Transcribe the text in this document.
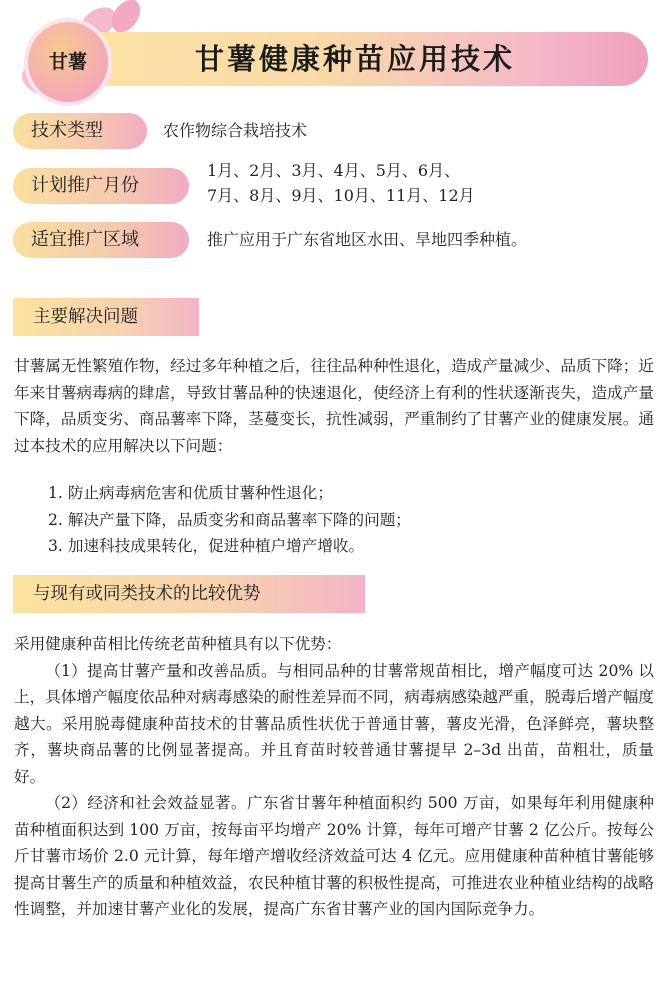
甘薯健康种苗应用技术
甘薯
技术类型	农作物综合栽培技术
计划推广月份
1月、2月、3月、4月、5月、6月、
7月、8月、9月、10月、11月、12月
适宜推广区域	推广应用于广东省地区水田、旱地四季种植。
主要解决问题

甘薯属无性繁殖作物，经过多年种植之后，往往品种种性退化，造成产量减少、品质下降；近年来甘薯病毒病的肆虐，导致甘薯品种的快速退化，使经济上有利的性状逐渐丧失，造成产量下降，品质变劣、商品薯率下降，茎蔓变长，抗性减弱，严重制约了甘薯产业的健康发展。通过本技术的应用解决以下问题：

1. 防止病毒病危害和优质甘薯种性退化；
2. 解决产量下降，品质变劣和商品薯率下降的问题；
3. 加速科技成果转化，促进种植户增产增收。
与现有或同类技术的比较优势

采用健康种苗相比传统老苗种植具有以下优势：

（1）提高甘薯产量和改善品质。与相同品种的甘薯常规苗相比，增产幅度可达 20% 以上，具体增产幅度依品种对病毒感染的耐性差异而不同，病毒病感染越严重，脱毒后增产幅度越大。采用脱毒健康种苗技术的甘薯品质性状优于普通甘薯，薯皮光滑，色泽鲜亮，薯块整齐，薯块商品薯的比例显著提高。并且育苗时较普通甘薯提早 2–3d 出苗，苗粗壮，质量好。

（2）经济和社会效益显著。广东省甘薯年种植面积约 500 万亩，如果每年利用健康种苗种植面积达到 100 万亩，按每亩平均增产 20% 计算，每年可增产甘薯 2 亿公斤。按每公斤甘薯市场价 2.0 元计算，每年增产增收经济效益可达 4 亿元。应用健康种苗种植甘薯能够提高甘薯生产的质量和种植效益，农民种植甘薯的积极性提高，可推进农业种植业结构的战略性调整，并加速甘薯产业化的发展，提高广东省甘薯产业的国内国际竞争力。
